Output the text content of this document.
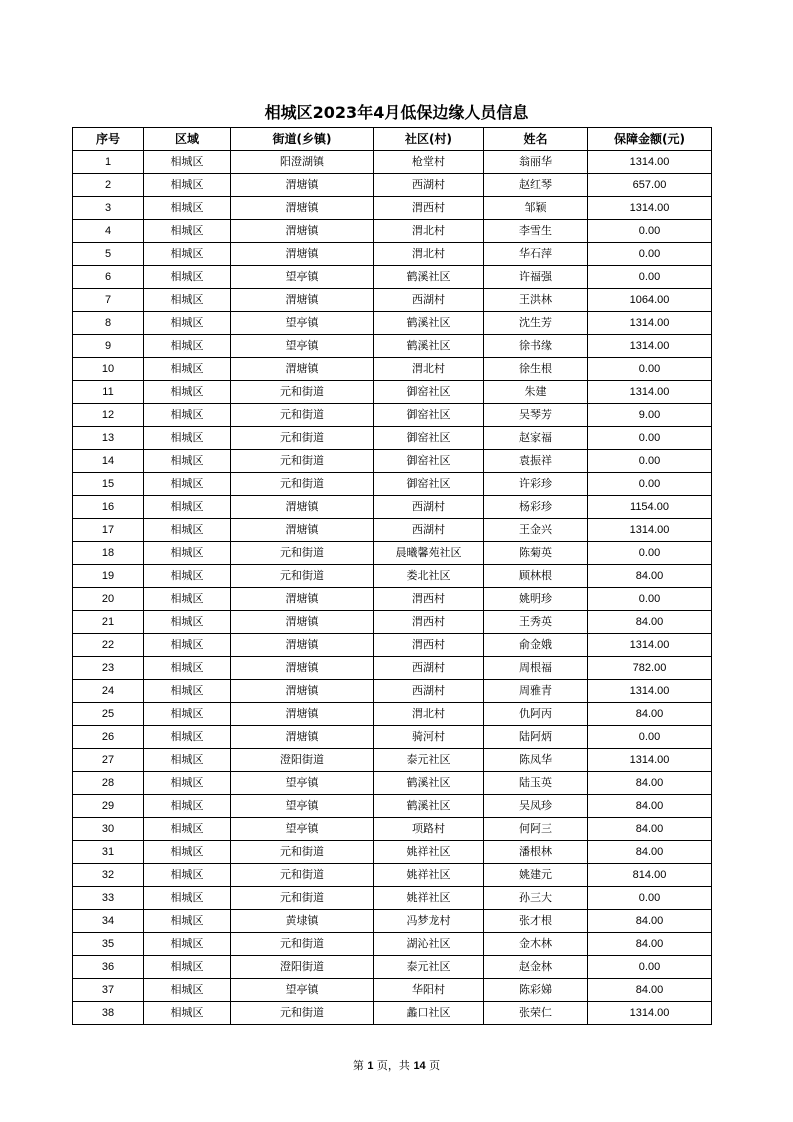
相城区2023年4月低保边缘人员信息
序号	区域	街道(乡镇)	社区(村)	姓名	保障金额(元)
1	相城区	阳澄湖镇	枪堂村	翁丽华	1314.00
2	相城区	渭塘镇	西湖村	赵红琴	657.00
3	相城区	渭塘镇	渭西村	邹颖	1314.00
4	相城区	渭塘镇	渭北村	李雪生	0.00
5	相城区	渭塘镇	渭北村	华石萍	0.00
6	相城区	望亭镇	鹤溪社区	许福强	0.00
7	相城区	渭塘镇	西湖村	王洪林	1064.00
8	相城区	望亭镇	鹤溪社区	沈生芳	1314.00
9	相城区	望亭镇	鹤溪社区	徐书缘	1314.00
10	相城区	渭塘镇	渭北村	徐生根	0.00
11	相城区	元和街道	御窑社区	朱建	1314.00
12	相城区	元和街道	御窑社区	吴琴芳	9.00
13	相城区	元和街道	御窑社区	赵家福	0.00
14	相城区	元和街道	御窑社区	袁振祥	0.00
15	相城区	元和街道	御窑社区	许彩珍	0.00
16	相城区	渭塘镇	西湖村	杨彩珍	1154.00
17	相城区	渭塘镇	西湖村	王金兴	1314.00
18	相城区	元和街道	晨曦馨苑社区	陈菊英	0.00
19	相城区	元和街道	娄北社区	顾林根	84.00
20	相城区	渭塘镇	渭西村	姚明珍	0.00
21	相城区	渭塘镇	渭西村	王秀英	84.00
22	相城区	渭塘镇	渭西村	俞金娥	1314.00
23	相城区	渭塘镇	西湖村	周根福	782.00
24	相城区	渭塘镇	西湖村	周雅青	1314.00
25	相城区	渭塘镇	渭北村	仇阿丙	84.00
26	相城区	渭塘镇	骑河村	陆阿炳	0.00
27	相城区	澄阳街道	泰元社区	陈凤华	1314.00
28	相城区	望亭镇	鹤溪社区	陆玉英	84.00
29	相城区	望亭镇	鹤溪社区	吴凤珍	84.00
30	相城区	望亭镇	项路村	何阿三	84.00
31	相城区	元和街道	姚祥社区	潘根林	84.00
32	相城区	元和街道	姚祥社区	姚建元	814.00
33	相城区	元和街道	姚祥社区	孙三大	0.00
34	相城区	黄埭镇	冯梦龙村	张才根	84.00
35	相城区	元和街道	湖沁社区	金木林	84.00
36	相城区	澄阳街道	泰元社区	赵金林	0.00
37	相城区	望亭镇	华阳村	陈彩娣	84.00
38	相城区	元和街道	蠡口社区	张荣仁	1314.00
第 1 页，共 14 页
